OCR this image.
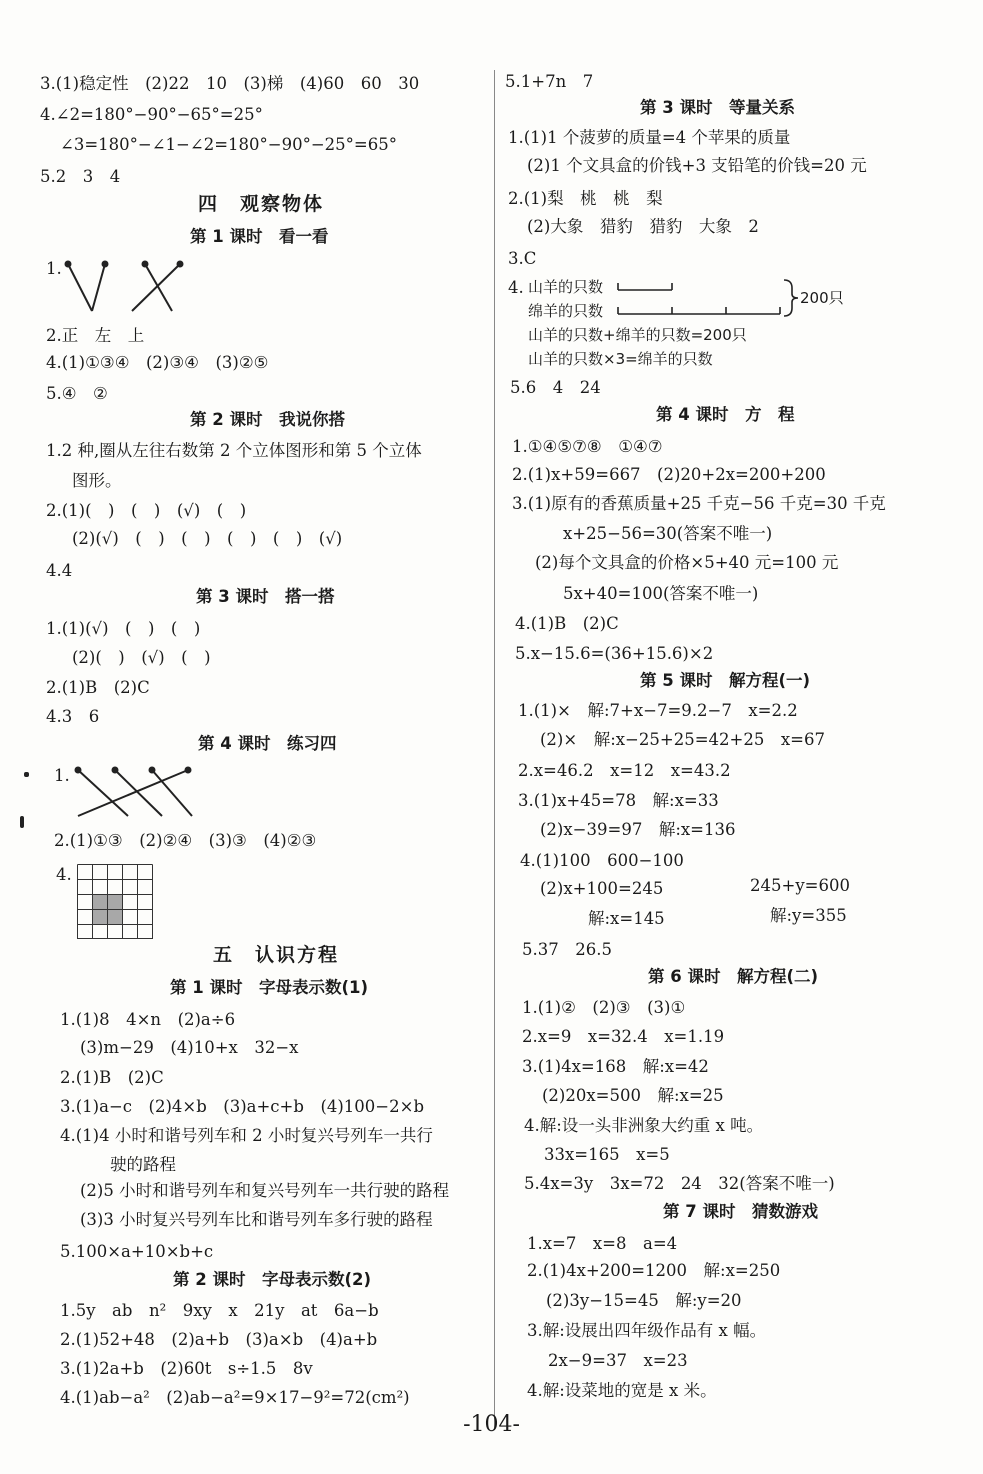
3.(1)稳定性　(2)22　10　(3)梯　(4)60　60　30
4.∠2=180°−90°−65°=25°
∠3=180°−∠1−∠2=180°−90°−25°=65°
5.2　3　4
四　观察物体
第 1 课时　看一看
1.
2.正　左　上
4.(1)①③④　(2)③④　(3)②⑤
5.④　②
第 2 课时　我说你搭
1.2 种,圈从左往右数第 2 个立体图形和第 5 个立体
图形。
2.(1)(　)　(　)　(√)　(　)
(2)(√)　(　)　(　)　(　)　(　)　(√)
4.4
第 3 课时　搭一搭
1.(1)(√)　(　)　(　)
(2)(　)　(√)　(　)
2.(1)B　(2)C
4.3　6
第 4 课时　练习四
1.
2.(1)①③　(2)②④　(3)③　(4)②③
4.
五　认识方程
第 1 课时　字母表示数(1)
1.(1)8　4×n　(2)a÷6
(3)m−29　(4)10+x　32−x
2.(1)B　(2)C
3.(1)a−c　(2)4×b　(3)a+c+b　(4)100−2×b
4.(1)4 小时和谐号列车和 2 小时复兴号列车一共行
驶的路程
(2)5 小时和谐号列车和复兴号列车一共行驶的路程
(3)3 小时复兴号列车比和谐号列车多行驶的路程
5.100×a+10×b+c
第 2 课时　字母表示数(2)
1.5y　ab　n²　9xy　x　21y　at　6a−b
2.(1)52+48　(2)a+b　(3)a×b　(4)a+b
3.(1)2a+b　(2)60t　s÷1.5　8v
4.(1)ab−a²　(2)ab−a²=9×17−9²=72(cm²)
5.1+7n　7
第 3 课时　等量关系
1.(1)1 个菠萝的质量=4 个苹果的质量
(2)1 个文具盒的价钱+3 支铅笔的价钱=20 元
2.(1)梨　桃　桃　梨
(2)大象　猎豹　猎豹　大象　2
3.C
4. 山羊的只数
绵羊的只数
200只
山羊的只数+绵羊的只数=200只
山羊的只数×3=绵羊的只数
5.6　4　24
第 4 课时　方　程
1.①④⑤⑦⑧　①④⑦
2.(1)x+59=667　(2)20+2x=200+200
3.(1)原有的香蕉质量+25 千克−56 千克=30 千克
x+25−56=30(答案不唯一)
(2)每个文具盒的价格×5+40 元=100 元
5x+40=100(答案不唯一)
4.(1)B　(2)C
5.x−15.6=(36+15.6)×2
第 5 课时　解方程(一)
1.(1)×　解:7+x−7=9.2−7　x=2.2
(2)×　解:x−25+25=42+25　x=67
2.x=46.2　x=12　x=43.2
3.(1)x+45=78　解:x=33
(2)x−39=97　解:x=136
4.(1)100　600−100
(2)x+100=245	245+y=600
解:x=145	解:y=355
5.37　26.5
第 6 课时　解方程(二)
1.(1)②　(2)③　(3)①
2.x=9　x=32.4　x=1.19
3.(1)4x=168　解:x=42
(2)20x=500　解:x=25
4.解:设一头非洲象大约重 x 吨。
33x=165　x=5
5.4x=3y　3x=72　24　32(答案不唯一)
第 7 课时　猜数游戏
1.x=7　x=8　a=4
2.(1)4x+200=1200　解:x=250
(2)3y−15=45　解:y=20
3.解:设展出四年级作品有 x 幅。
2x−9=37　x=23
4.解:设菜地的宽是 x 米。
-104-
